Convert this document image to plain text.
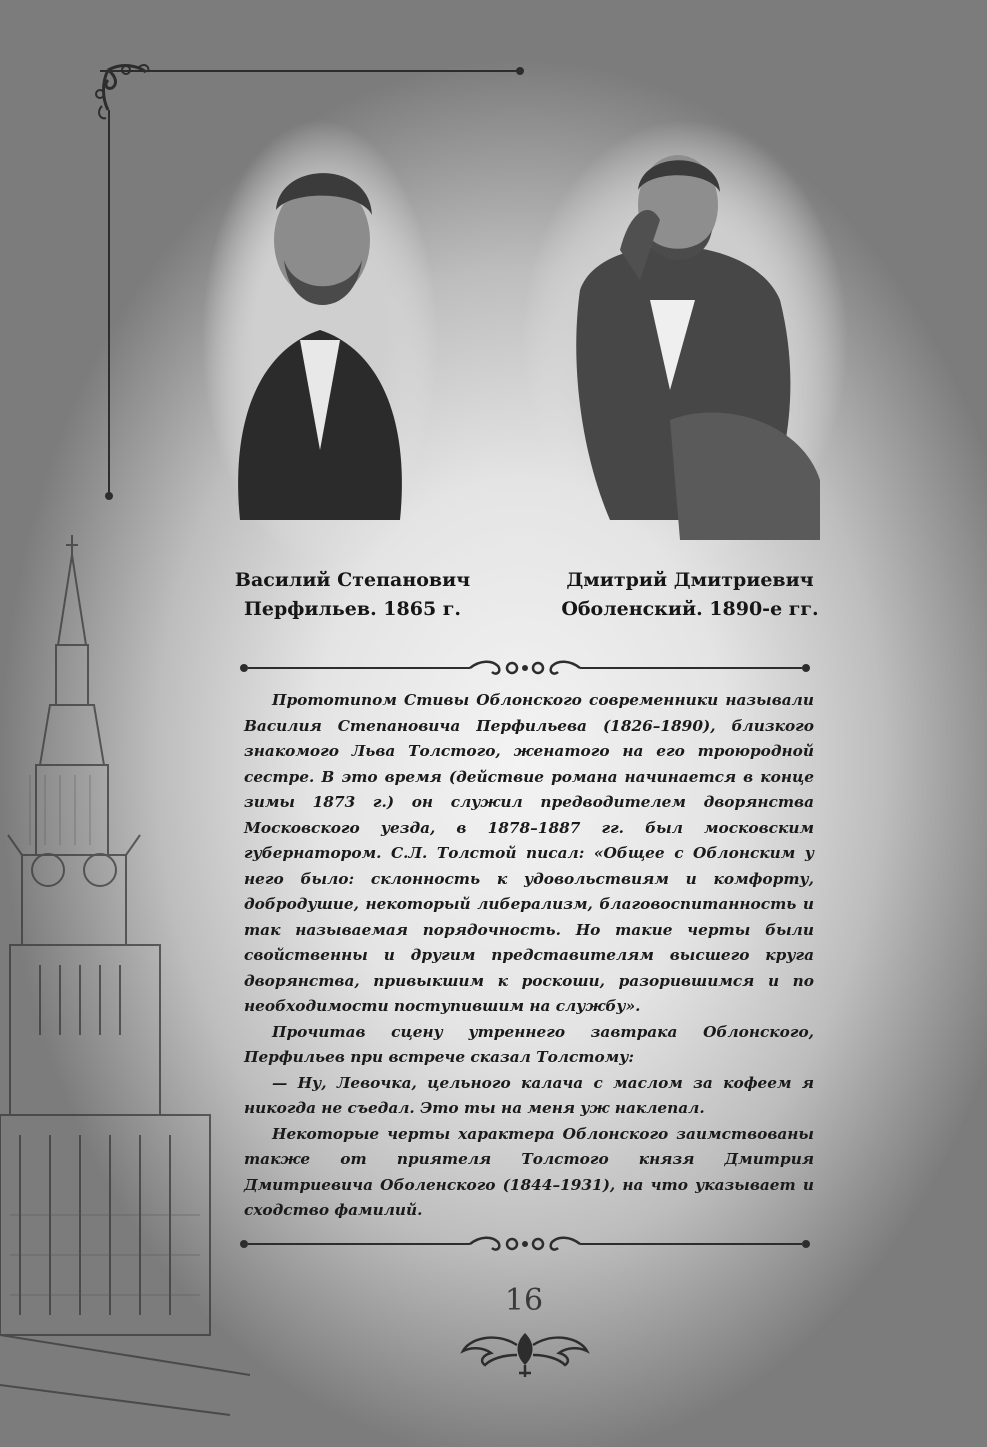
Василий Степанович
Перфильев. 1865 г.
Дмитрий Дмитриевич
Оболенский. 1890-е гг.

Прототипом Стивы Облонского современники называли Василия Степановича Перфильева (1826–1890), близкого знакомого Льва Толстого, женатого на его троюродной сестре. В это время (действие романа начинается в конце зимы 1873 г.) он служил предводителем дворянства Московского уезда, в 1878–1887 гг. был московским губернатором. С.Л. Толстой писал: «Общее с Облонским у него было: склонность к удовольствиям и комфорту, добродушие, некоторый либерализм, благовоспитанность и так называемая порядочность. Но такие черты были свойственны и другим представителям высшего круга дворянства, привыкшим к роскоши, разорившимся и по необходимости поступившим на службу».

Прочитав сцену утреннего завтрака Облонского, Перфильев при встрече сказал Толстому:

— Ну, Левочка, цельного калача с маслом за кофеем я никогда не съедал. Это ты на меня уж наклепал.

Некоторые черты характера Облонского заимствованы также от приятеля Толстого князя Дмитрия Дмитриевича Оболенского (1844–1931), на что указывает и сходство фамилий.

16
